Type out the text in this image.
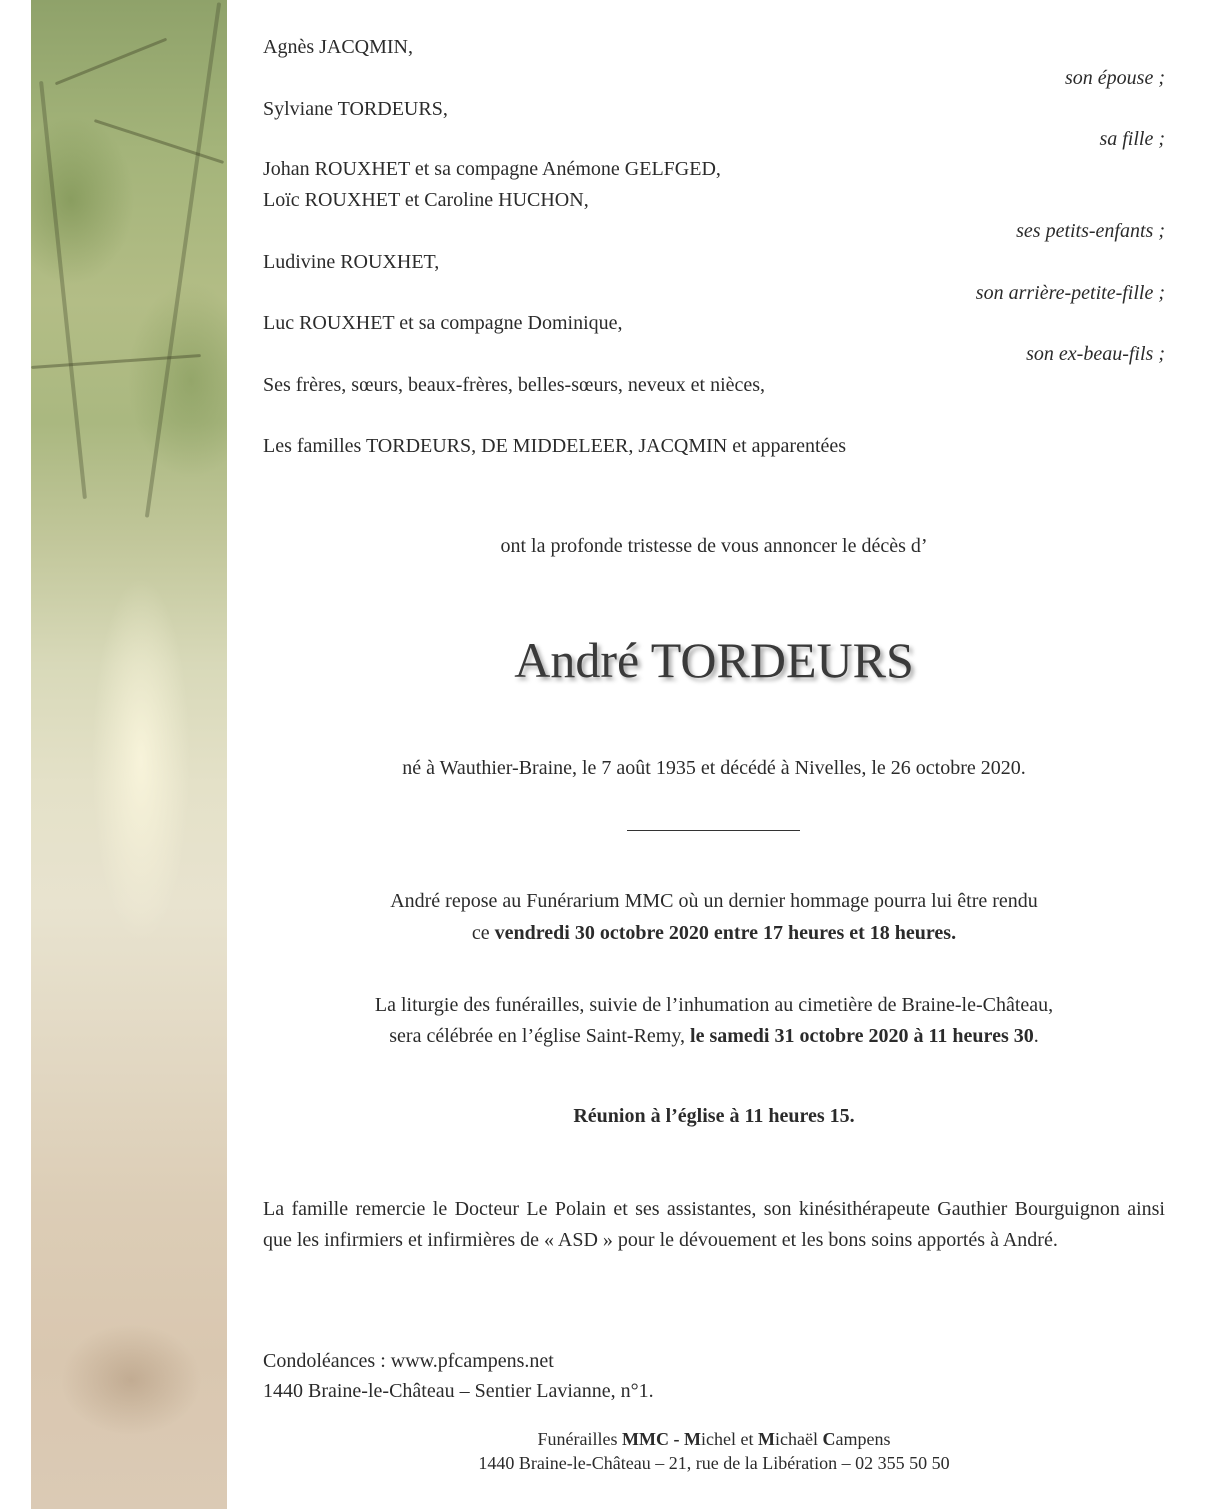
Agnès JACQMIN,
son épouse ;
Sylviane TORDEURS,
sa fille ;
Johan ROUXHET et sa compagne Anémone GELFGED,
Loïc ROUXHET et Caroline HUCHON,
ses petits-enfants ;
Ludivine ROUXHET,
son arrière-petite-fille ;
Luc ROUXHET et sa compagne Dominique,
son ex-beau-fils ;
Ses frères, sœurs, beaux-frères, belles-sœurs, neveux et nièces,
Les familles TORDEURS, DE MIDDELEER, JACQMIN et apparentées
ont la profonde tristesse de vous annoncer le décès d’
André TORDEURS
né à Wauthier-Braine, le 7 août 1935 et décédé à Nivelles, le 26 octobre 2020.
André repose au Funérarium MMC où un dernier hommage pourra lui être rendu
ce vendredi 30 octobre 2020 entre 17 heures et 18 heures.
La liturgie des funérailles, suivie de l’inhumation au cimetière de Braine-le-Château,
sera célébrée en l’église Saint-Remy, le samedi 31 octobre 2020 à 11 heures 30.
Réunion à l’église à 11 heures 15.
La famille remercie le Docteur Le Polain et ses assistantes, son kinésithérapeute Gauthier Bourguignon ainsi que les infirmiers et infirmières de « ASD » pour le dévouement et les bons soins apportés à André.
Condoléances : www.pfcampens.net
1440 Braine-le-Château – Sentier Lavianne, n°1.
Funérailles MMC - Michel et Michaël Campens
1440 Braine-le-Château – 21, rue de la Libération – 02 355 50 50
